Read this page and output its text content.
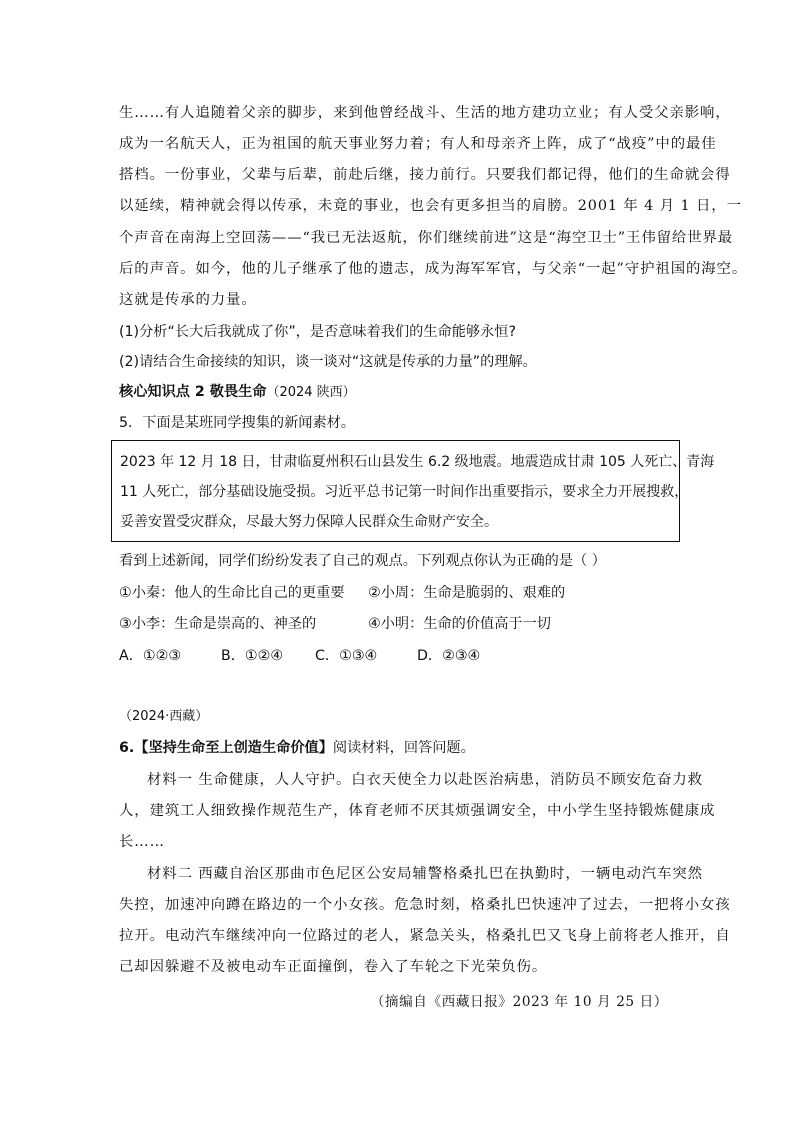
生……有人追随着父亲的脚步，来到他曾经战斗、生活的地方建功立业；有人受父亲影响，
成为一名航天人，正为祖国的航天事业努力着；有人和母亲齐上阵，成了“战疫”中的最佳
搭档。一份事业，父辈与后辈，前赴后继，接力前行。只要我们都记得，他们的生命就会得
以延续，精神就会得以传承，未竟的事业，也会有更多担当的肩膀。2001 年 4 月 1 日，一
个声音在南海上空回荡——“我已无法返航，你们继续前进”这是“海空卫士”王伟留给世界最
后的声音。如今，他的儿子继承了他的遗志，成为海军军官，与父亲“一起”守护祖国的海空。
这就是传承的力量。
(1)分析“长大后我就成了你”，是否意味着我们的生命能够永恒?
(2)请结合生命接续的知识，谈一谈对“这就是传承的力量”的理解。
核心知识点 2 敬畏生命（2024 陕西）
5．下面是某班同学搜集的新闻素材。
2023 年 12 月 18 日，甘肃临夏州积石山县发生 6.2 级地震。地震造成甘肃 105 人死亡、青海
11 人死亡，部分基础设施受损。习近平总书记第一时间作出重要指示，要求全力开展搜救，
妥善安置受灾群众，尽最大努力保障人民群众生命财产安全。
看到上述新闻，同学们纷纷发表了自己的观点。下列观点你认为正确的是（ ）
①小秦：他人的生命比自己的更重要 ②小周：生命是脆弱的、艰难的
③小李：生命是崇高的、神圣的	④小明：生命的价值高于一切
A．①②③	B．①②④ C．①③④	D．②③④
（2024·西藏）
6.【坚持生命至上创造生命价值】阅读材料，回答问题。
材料一 生命健康，人人守护。白衣天使全力以赴医治病患，消防员不顾安危奋力救
人，建筑工人细致操作规范生产，体育老师不厌其烦强调安全，中小学生坚持锻炼健康成
长……
材料二 西藏自治区那曲市色尼区公安局辅警格桑扎巴在执勤时，一辆电动汽车突然
失控，加速冲向蹲在路边的一个小女孩。危急时刻，格桑扎巴快速冲了过去，一把将小女孩
拉开。电动汽车继续冲向一位路过的老人，紧急关头，格桑扎巴又飞身上前将老人推开，自
己却因躲避不及被电动车正面撞倒，卷入了车轮之下光荣负伤。
（摘编自《西藏日报》2023 年 10 月 25 日）
